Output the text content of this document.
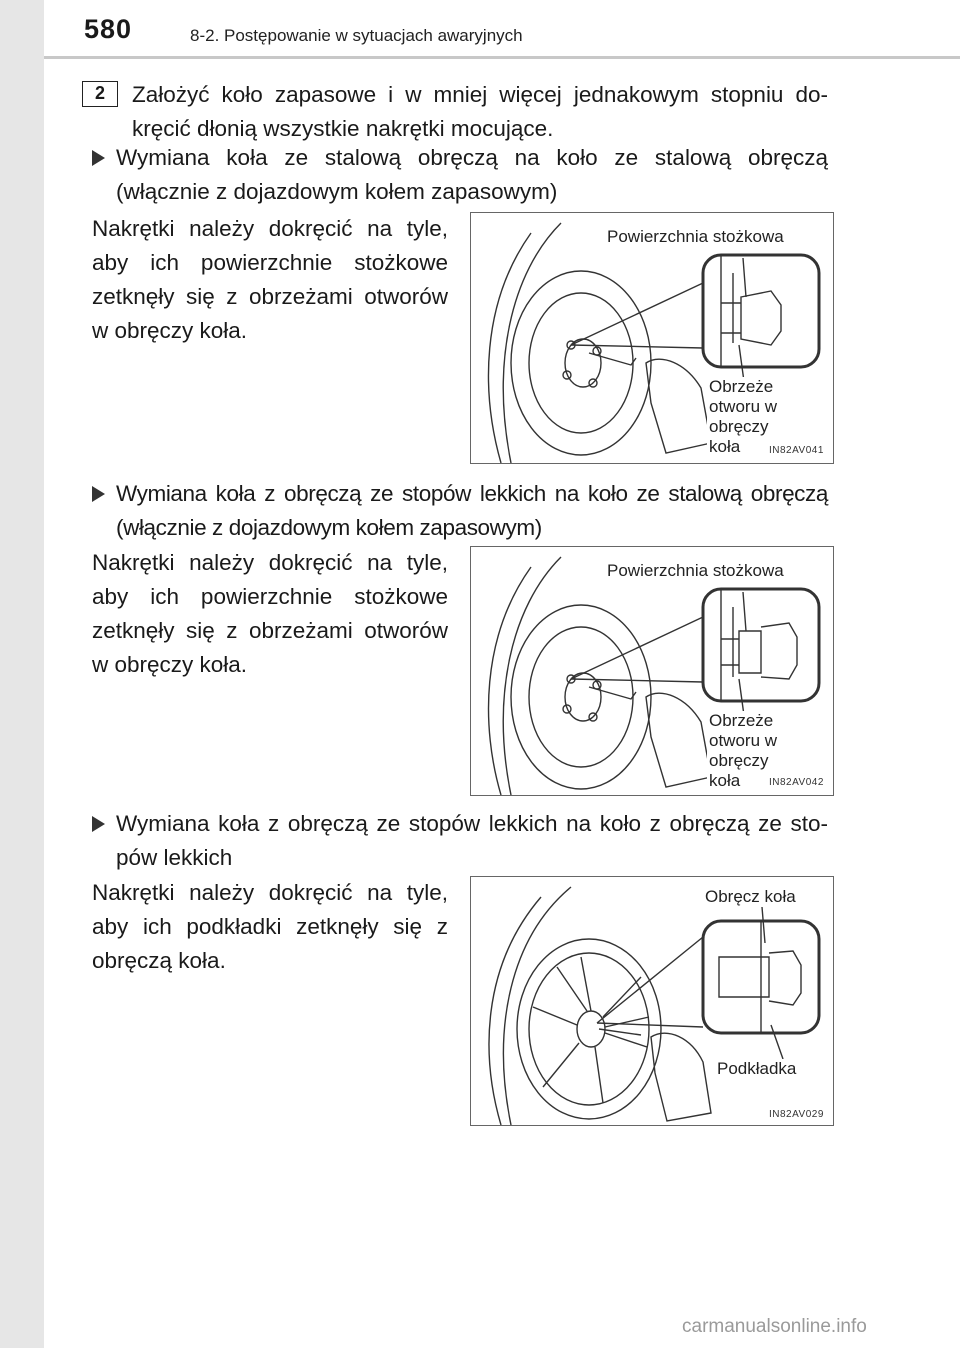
580	8-2. Postępowanie w sytuacjach awaryjnych
2	Założyć koło zapasowe i w mniej więcej jednakowym stopniu do-kręcić dłonią wszystkie nakrętki mocujące.

Wymiana koła ze stalową obręczą na koło ze stalową obręczą (włącznie z dojazdowym kołem zapasowym)

Nakrętki należy dokręcić na tyle, aby ich powierzchnie stożkowe zetknęły się z obrzeżami otworów w obręczy koła.

Powierzchnia stożkowa
Obrzeże otworu w obręczy koła	IN82AV041

Wymiana koła z obręczą ze stopów lekkich na koło ze stalową obręczą (włącznie z dojazdowym kołem zapasowym)

Nakrętki należy dokręcić na tyle, aby ich powierzchnie stożkowe zetknęły się z obrzeżami otworów w obręczy koła.

Powierzchnia stożkowa
Obrzeże otworu w obręczy koła	IN82AV042

Wymiana koła z obręczą ze stopów lekkich na koło z obręczą ze sto-pów lekkich

Nakrętki należy dokręcić na tyle, aby ich podkładki zetknęły się z obręczą koła.

Obręcz koła
Podkładka
IN82AV029
carmanualsonline.info
